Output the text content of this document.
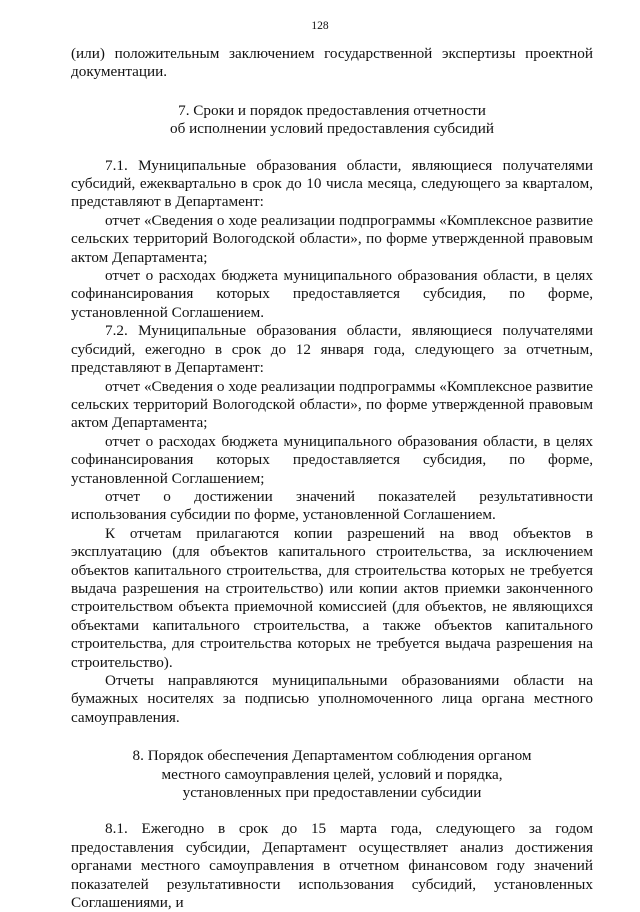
128

(или) положительным заключением государственной экспертизы проектной документации.

7. Сроки и порядок предоставления отчетности

об исполнении условий предоставления субсидий

7.1. Муниципальные образования области, являющиеся получателями субсидий, ежеквартально в срок до 10 числа месяца, следующего за кварталом, представляют в Департамент:

отчет «Сведения о ходе реализации подпрограммы «Комплексное развитие сельских территорий Вологодской области», по форме утвержденной правовым актом Департамента;

отчет о расходах бюджета муниципального образования области, в целях софинансирования которых предоставляется субсидия, по форме, установленной Соглашением.

7.2. Муниципальные образования области, являющиеся получателями субсидий, ежегодно в срок до 12 января года, следующего за отчетным, представляют в Департамент:

отчет «Сведения о ходе реализации подпрограммы «Комплексное развитие сельских территорий Вологодской области», по форме утвержденной правовым актом Департамента;

отчет о расходах бюджета муниципального образования области, в целях софинансирования которых предоставляется субсидия, по форме, установленной Соглашением;

отчет о достижении значений показателей результативности использования субсидии по форме, установленной Соглашением.

К отчетам прилагаются копии разрешений на ввод объектов в эксплуатацию (для объектов капитального строительства, за исключением объектов капитального строительства, для строительства которых не требуется выдача разрешения на строительство) или копии актов приемки законченного строительством объекта приемочной комиссией (для объектов, не являющихся объектами капитального строительства, а также объектов капитального строительства, для строительства которых не требуется выдача разрешения на строительство).

Отчеты направляются муниципальными образованиями области на бумажных носителях за подписью уполномоченного лица органа местного самоуправления.

8. Порядок обеспечения Департаментом соблюдения органом

местного самоуправления целей, условий и порядка,

установленных при предоставлении субсидии

8.1. Ежегодно в срок до 15 марта года, следующего за годом предоставления субсидии, Департамент осуществляет анализ достижения органами местного самоуправления в отчетном финансовом году значений показателей результативности использования субсидий, установленных Соглашениями, и
